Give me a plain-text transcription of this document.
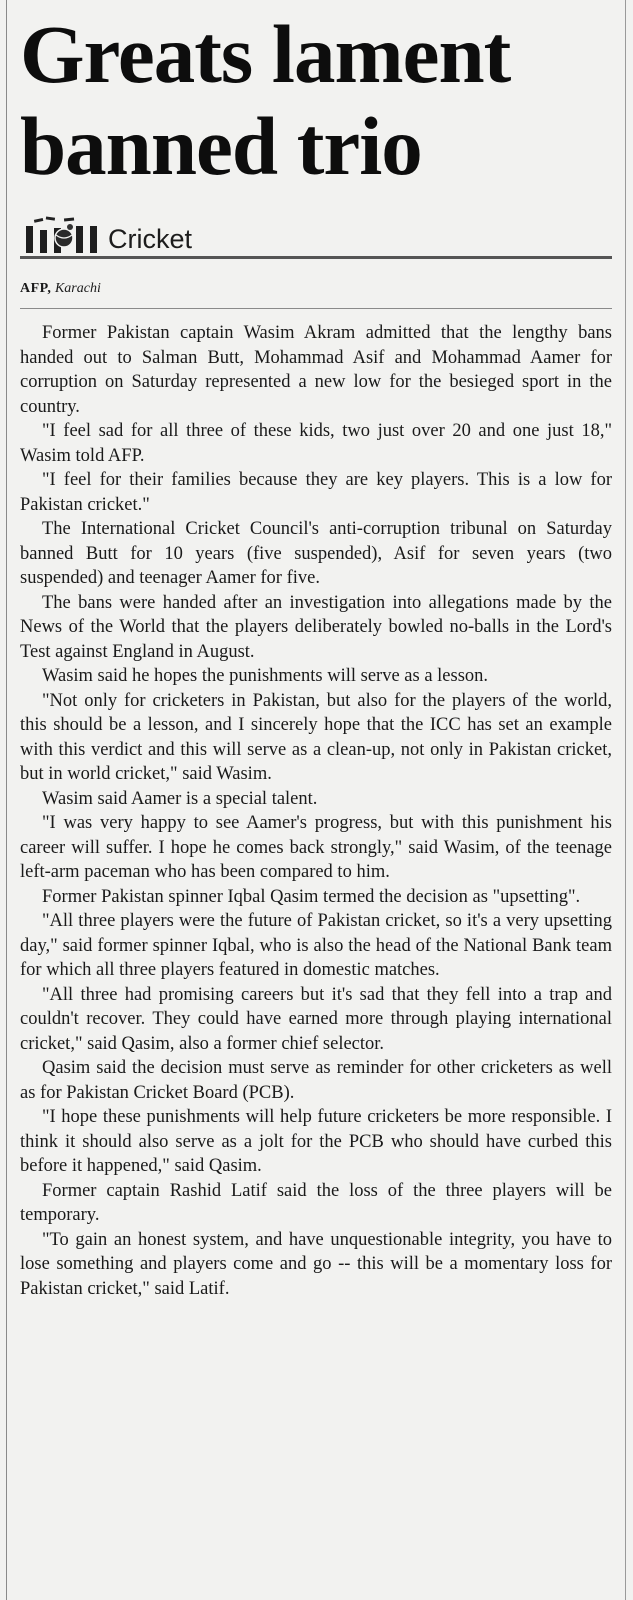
Greats lament banned trio
Cricket
AFP, Karachi

Former Pakistan captain Wasim Akram admitted that the lengthy bans handed out to Salman Butt, Mohammad Asif and Mohammad Aamer for corruption on Saturday represented a new low for the besieged sport in the country.

"I feel sad for all three of these kids, two just over 20 and one just 18," Wasim told AFP.

"I feel for their families because they are key players. This is a low for Pakistan cricket."

The International Cricket Council's anti-corruption tribunal on Saturday banned Butt for 10 years (five suspended), Asif for seven years (two suspended) and teenager Aamer for five.

The bans were handed after an investigation into allegations made by the News of the World that the players deliberately bowled no-balls in the Lord's Test against England in August.

Wasim said he hopes the punishments will serve as a lesson.

"Not only for cricketers in Pakistan, but also for the players of the world, this should be a lesson, and I sincerely hope that the ICC has set an example with this verdict and this will serve as a clean-up, not only in Pakistan cricket, but in world cricket," said Wasim.

Wasim said Aamer is a special talent.

"I was very happy to see Aamer's progress, but with this punishment his career will suffer. I hope he comes back strongly," said Wasim, of the teenage left-arm paceman who has been compared to him.

Former Pakistan spinner Iqbal Qasim termed the decision as "upsetting".

"All three players were the future of Pakistan cricket, so it's a very upsetting day," said former spinner Iqbal, who is also the head of the National Bank team for which all three players featured in domestic matches.

"All three had promising careers but it's sad that they fell into a trap and couldn't recover. They could have earned more through playing international cricket," said Qasim, also a former chief selector.

Qasim said the decision must serve as reminder for other cricketers as well as for Pakistan Cricket Board (PCB).

"I hope these punishments will help future cricketers be more responsible. I think it should also serve as a jolt for the PCB who should have curbed this before it happened," said Qasim.

Former captain Rashid Latif said the loss of the three players will be temporary.

"To gain an honest system, and have unquestionable integrity, you have to lose something and players come and go -- this will be a momentary loss for Pakistan cricket," said Latif.
